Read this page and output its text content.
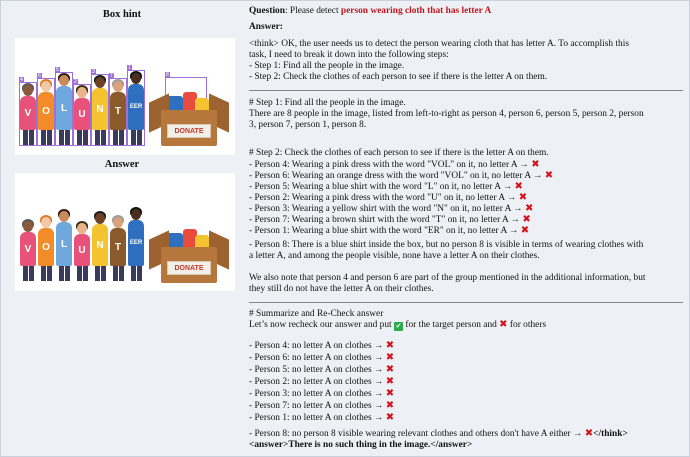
Box hint
V
4
O
6
L
5
U
2
N
3
T
7
EER
1
8
DONATE
Answer
V	O	L
U	N	T	EER
DONATE
Question: Please detect person wearing cloth that has letter A
Answer:
<think> OK, the user needs us to detect the person wearing cloth that has letter A. To accomplish this
task, I need to break it down into the following steps:
- Step 1: Find all the people in the image.
- Step 2: Check the clothes of each person to see if there is the letter A on them.
# Step 1: Find all the people in the image.
There are 8 people in the image, listed from left-to-right as person 4, person 6, person 5, person 2, person
3, person 7, person 1, person 8.
# Step 2: Check the clothes of each person to see if there is the letter A on them.
- Person 4: Wearing a pink dress with the word "VOL" on it, no letter A → ✖
- Person 6: Wearing an orange dress with the word "VOL" on it, no letter A → ✖
- Person 5: Wearing a blue shirt with the word "L" on it, no letter A → ✖
- Person 2: Wearing a pink dress with the word "U" on it, no letter A → ✖
- Person 3: Wearing a yellow shirt with the word "N" on it, no letter A → ✖
- Person 7: Wearing a brown shirt with the word "T" on it, no letter A → ✖
- Person 1: Wearing a blue shirt with the word "ER" on it, no letter A → ✖
- Person 8: There is a blue shirt inside the box, but no person 8 is visible in terms of wearing clothes with
a letter A, and among the people visible, none have a letter A on their clothes.
We also note that person 4 and person 6 are part of the group mentioned in the additional information, but
they still do not have the letter A on their clothes.
# Summarize and Re-Check answer
Let’s now recheck our answer and put ✔ for the target person and ✖ for others
- Person 4: no letter A on clothes → ✖
- Person 6: no letter A on clothes → ✖
- Person 5: no letter A on clothes → ✖
- Person 2: no letter A on clothes → ✖
- Person 3: no letter A on clothes → ✖
- Person 7: no letter A on clothes → ✖
- Person 1: no letter A on clothes → ✖
- Person 8: no person 8 visible wearing relevant clothes and others don't have A either → ✖</think>
<answer>There is no such thing in the image.</answer>
